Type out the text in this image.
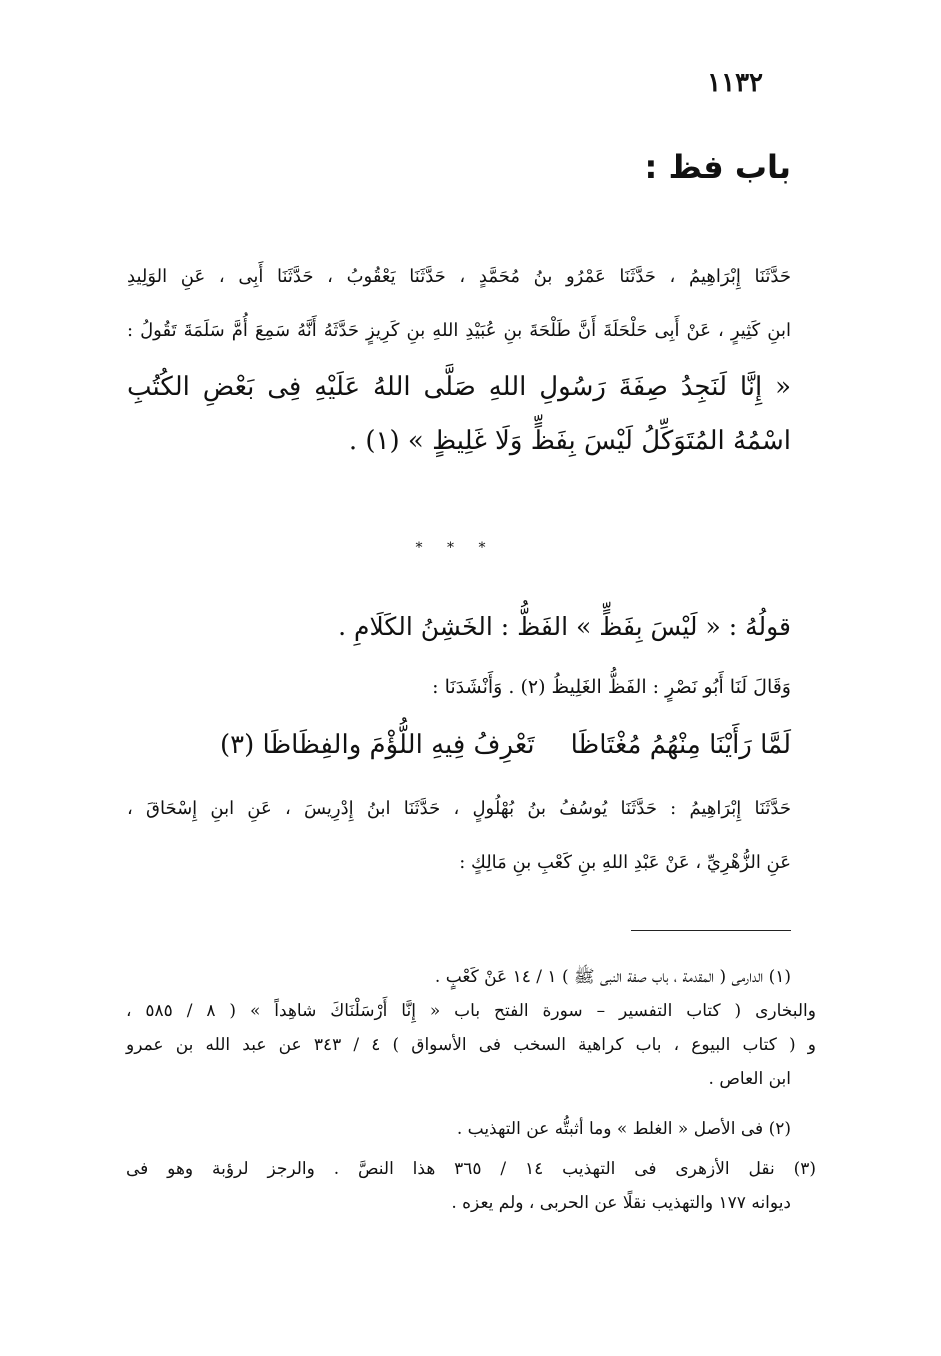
١١٣٢
باب فظ :
حَدَّثَنَا إِبْرَاهِيمُ ، حَدَّثَنَا عَمْرُو بنُ مُحَمَّدٍ ، حَدَّثَنَا يَعْقُوبُ ، حَدَّثَنَا أَبِى ، عَنِ الوَلِيدِ
ابنِ كَثِيرٍ ، عَنْ أَبِى حَلْحَلَةَ أَنَّ طَلْحَةَ بنِ عُبَيْدِ اللهِ بنِ كَرِيزٍ حَدَّثَهُ أَنَّهُ سَمِعَ أُمَّ سَلَمَةَ تَقُولُ :
« إِنَّا لَنَجِدُ صِفَةَ رَسُولِ اللهِ صَلَّى اللهُ عَلَيْهِ فِى بَعْضِ الكُتُبِ
اسْمُهُ المُتَوَكِّلُ لَيْسَ بِفَظٍّ وَلَا غَلِيظٍ » (١) .
* * *
قولُهُ : « لَيْسَ بِفَظٍّ » الفَظُّ : الخَشِنُ الكَلَامِ .
وَقَالَ لَنَا أَبُو نَصْرٍ : الفَظُّ الغَلِيظُ (٢) . وَأَنْشَدَنَا :
لَمَّا رَأَيْنَا مِنْهُمُ مُغْتَاظَاتَعْرِفُ فِيهِ اللُّؤْمَ والفِظَاظَا (٣)
حَدَّثَنَا إِبْرَاهِيمُ : حَدَّثَنَا يُوسُفُ بنُ بُهْلُولٍ ، حَدَّثَنَا ابنُ إِدْرِيسَ ، عَنِ ابنِ إِسْحَاقَ ،
عَنِ الزُّهْرِيِّ ، عَنْ عَبْدِ اللهِ بنِ كَعْبِ بنِ مَالِكٍ :
(١) الدارمى ( المقدمة ، باب صفة النبى ﷺ ) ١ / ١٤ عَنْ كَعْبٍ .
والبخارى ( كتاب التفسير – سورة الفتح باب « إِنَّا أَرْسَلْنَاكَ شاهِداً » ( ٨ / ٥٨٥ ،
و ( كتاب البيوع ، باب كراهية السخب فى الأسواق ) ٤ / ٣٤٣ عن عبد الله بن عمرو
ابن العاص .
(٢) فى الأصل « الغلط » وما أثبتُّه عن التهذيب .
(٣) نقل الأزهرى فى التهذيب ١٤ / ٣٦٥ هذا النصَّ . والرجز لرؤبة وهو فى
ديوانه ١٧٧ والتهذيب نقلًا عن الحربى ، ولم يعزه .
